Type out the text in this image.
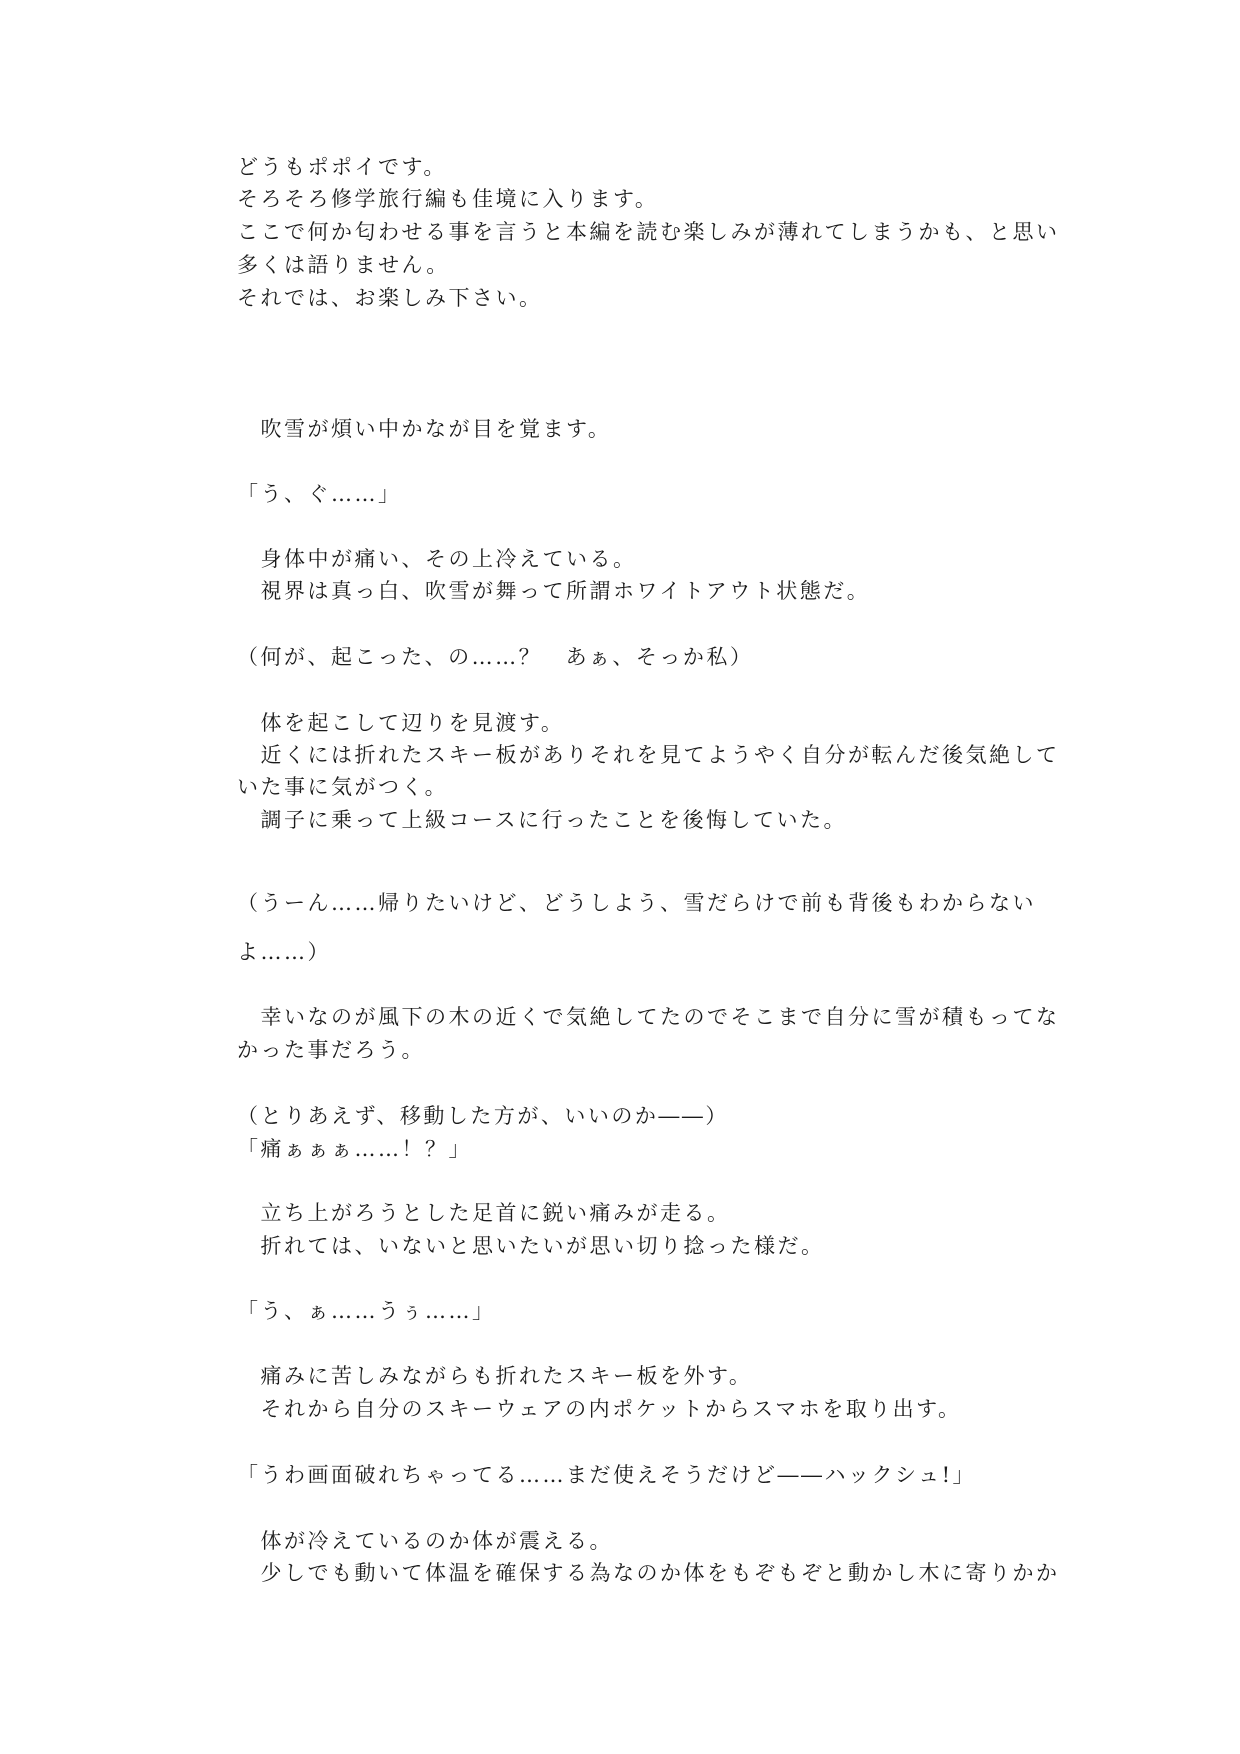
どうもポポイです。
そろそろ修学旅行編も佳境に入ります。
ここで何か匂わせる事を言うと本編を読む楽しみが薄れてしまうかも、と思い
多くは語りません。
それでは、お楽しみ下さい。
　吹雪が煩い中かなが目を覚ます。
「う、ぐ……」
　身体中が痛い、その上冷えている。
　視界は真っ白、吹雪が舞って所謂ホワイトアウト状態だ。
（何が、起こった、の……？　あぁ、そっか私）
　体を起こして辺りを見渡す。
　近くには折れたスキー板がありそれを見てようやく自分が転んだ後気絶して
いた事に気がつく。
　調子に乗って上級コースに行ったことを後悔していた。
（うーん……帰りたいけど、どうしよう、雪だらけで前も背後もわからない
よ……）
　幸いなのが風下の木の近くで気絶してたのでそこまで自分に雪が積もってな
かった事だろう。
（とりあえず、移動した方が、いいのか――）
「痛ぁぁぁ……！？」
　立ち上がろうとした足首に鋭い痛みが走る。
　折れては、いないと思いたいが思い切り捻った様だ。
「う、ぁ……うぅ……」
　痛みに苦しみながらも折れたスキー板を外す。
　それから自分のスキーウェアの内ポケットからスマホを取り出す。
「うわ画面破れちゃってる……まだ使えそうだけど――ハックシュ!」
　体が冷えているのか体が震える。
　少しでも動いて体温を確保する為なのか体をもぞもぞと動かし木に寄りかか
